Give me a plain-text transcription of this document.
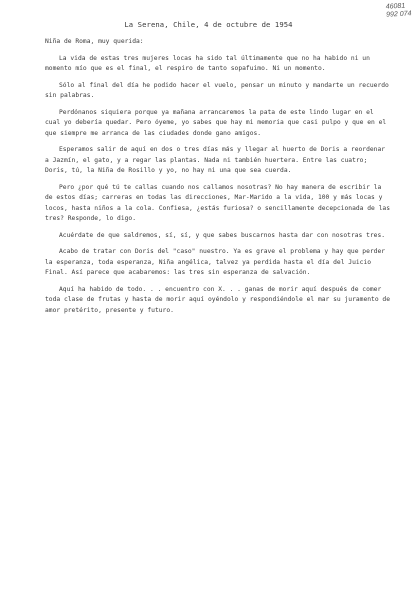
46081
992 074
La Serena, Chile, 4 de octubre de 1954

Niña de Roma, muy querida:

La vida de estas tres mujeres locas ha sido tal últimamente que no ha habido ni un momento mío que es el final, el respiro de tanto sopafuimo. Ni un momento.

Sólo al final del día he podido hacer el vuelo, pensar un minuto y mandarte un recuerdo sin palabras.

Perdónanos siquiera porque ya mañana arrancaremos la pata de este lindo lugar en el cual yo debería quedar. Pero óyeme, yo sabes que hay mi memoria que casi pulpo y que en el que siempre me arranca de las ciudades donde gano amigos.

Esperamos salir de aquí en dos o tres días más y llegar al huerto de Doris a reordenar a Jazmín, el gato, y a regar las plantas. Nada ni también huertera. Entre las cuatro; Doris, tú, la Niña de Rosillo y yo, no hay ni una que sea cuerda.

Pero ¿por qué tú te callas cuando nos callamos nosotras? No hay manera de escribir la de estos días; carreras en todas las direcciones, Mar-Marido a la vida, 100 y más locas y locos, hasta niños a la cola. Confiesa, ¿estás furiosa? o sencillamente decepcionada de las tres? Responde, lo digo.

Acuérdate de que saldremos, sí, sí, y que sabes buscarnos hasta dar con nosotras tres.

Acabo de tratar con Doris del "caso" nuestro. Ya es grave el problema y hay que perder la esperanza, toda esperanza, Niña angélica, talvez ya perdida hasta el día del Juicio Final. Así parece que acabaremos: las tres sin esperanza de salvación.

Aquí ha habido de todo. . . encuentro con X. . . ganas de morir aquí después de comer toda clase de frutas y hasta de morir aquí oyéndolo y respondiéndole el mar su juramento de amor pretérito, presente y futuro.
